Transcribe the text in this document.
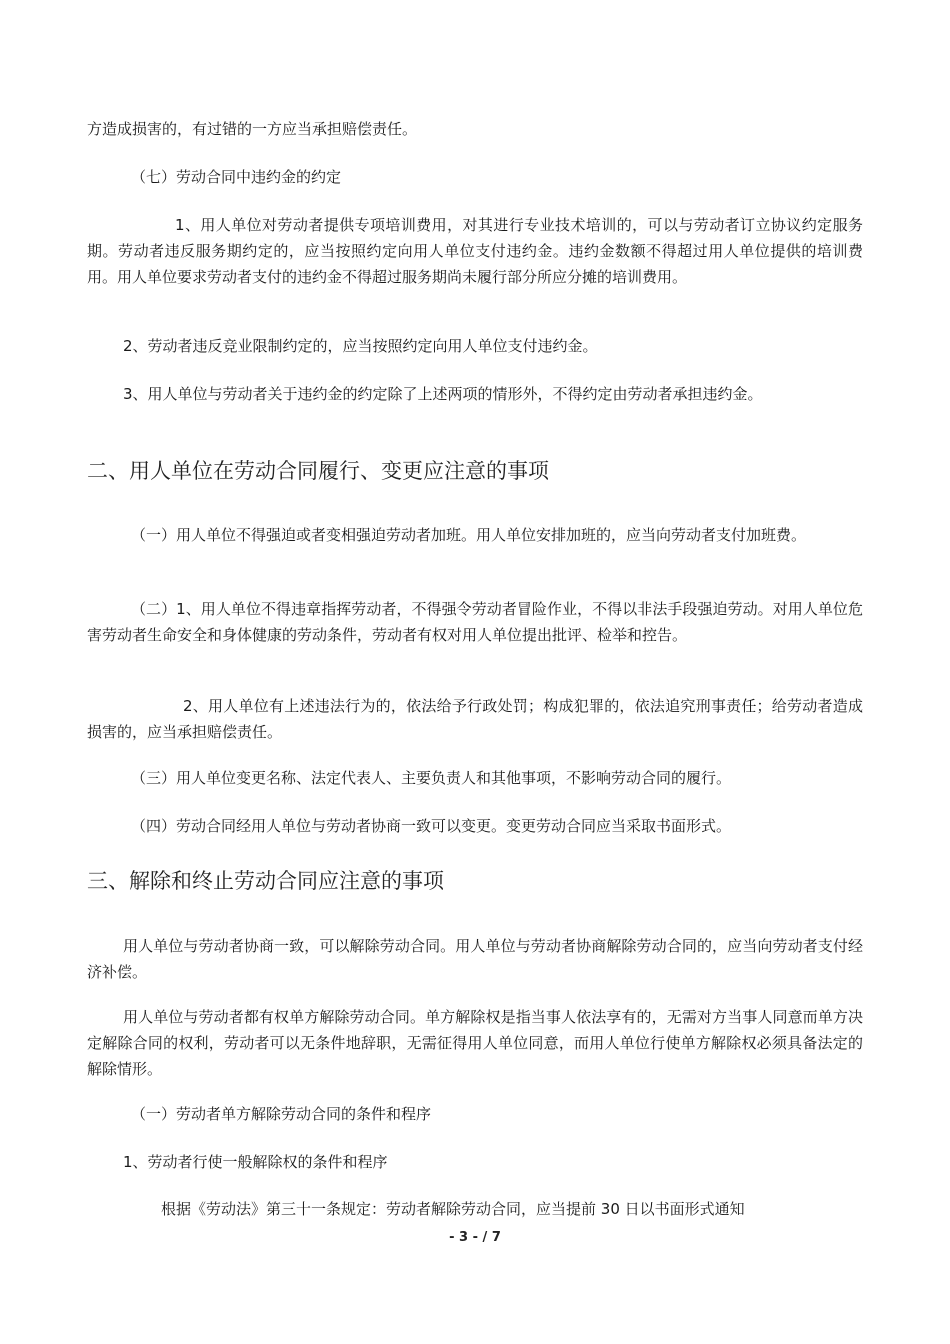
方造成损害的，有过错的一方应当承担赔偿责任。

（七）劳动合同中违约金的约定

1、用人单位对劳动者提供专项培训费用，对其进行专业技术培训的，可以与劳动者订立协议约定服务期。劳动者违反服务期约定的，应当按照约定向用人单位支付违约金。违约金数额不得超过用人单位提供的培训费用。用人单位要求劳动者支付的违约金不得超过服务期尚未履行部分所应分摊的培训费用。

2、劳动者违反竞业限制约定的，应当按照约定向用人单位支付违约金。

3、用人单位与劳动者关于违约金的约定除了上述两项的情形外，不得约定由劳动者承担违约金。

二、用人单位在劳动合同履行、变更应注意的事项

（一）用人单位不得强迫或者变相强迫劳动者加班。用人单位安排加班的，应当向劳动者支付加班费。

（二）1、用人单位不得违章指挥劳动者，不得强令劳动者冒险作业，不得以非法手段强迫劳动。对用人单位危害劳动者生命安全和身体健康的劳动条件，劳动者有权对用人单位提出批评、检举和控告。

2、用人单位有上述违法行为的，依法给予行政处罚；构成犯罪的，依法追究刑事责任；给劳动者造成损害的，应当承担赔偿责任。

（三）用人单位变更名称、法定代表人、主要负责人和其他事项，不影响劳动合同的履行。

（四）劳动合同经用人单位与劳动者协商一致可以变更。变更劳动合同应当采取书面形式。

三、解除和终止劳动合同应注意的事项

用人单位与劳动者协商一致，可以解除劳动合同。用人单位与劳动者协商解除劳动合同的，应当向劳动者支付经济补偿。

用人单位与劳动者都有权单方解除劳动合同。单方解除权是指当事人依法享有的，无需对方当事人同意而单方决定解除合同的权利，劳动者可以无条件地辞职，无需征得用人单位同意，而用人单位行使单方解除权必须具备法定的解除情形。

（一）劳动者单方解除劳动合同的条件和程序

1、劳动者行使一般解除权的条件和程序

根据《劳动法》第三十一条规定：劳动者解除劳动合同，应当提前 30 日以书面形式通知

- 3 - / 7
